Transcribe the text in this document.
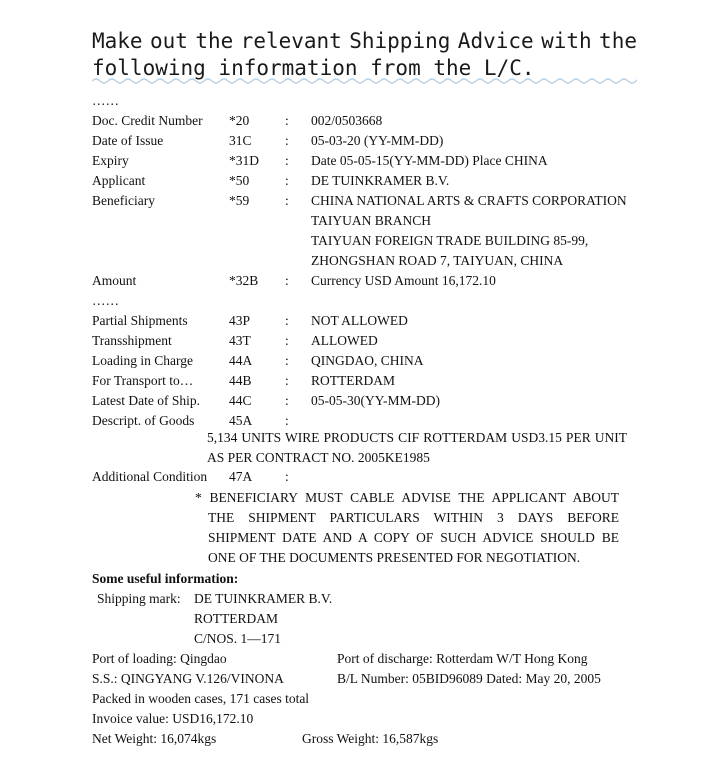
Make out the relevant Shipping Advice with the
following information from the L/C.
……
Doc. Credit Number *20	: 002/0503668
Date of Issue	31C : 05-03-20 (YY-MM-DD)
Expiry	*31D : Date 05-05-15(YY-MM-DD) Place CHINA
Applicant	*50	: DE TUINKRAMER B.V.
Beneficiary	*59	: CHINA NATIONAL ARTS & CRAFTS CORPORATION
TAIYUAN BRANCH
TAIYUAN FOREIGN TRADE BUILDING 85-99,
ZHONGSHAN ROAD 7, TAIYUAN, CHINA
Amount	*32B : Currency USD Amount 16,172.10
……
Partial Shipments	43P	: NOT ALLOWED
Transshipment	43T	: ALLOWED
Loading in Charge	44A : QINGDAO, CHINA
For Transport to…	44B : ROTTERDAM
Latest Date of Ship. 44C : 05-05-30(YY-MM-DD)
Descript. of Goods	45A :
5,134 UNITS WIRE PRODUCTS CIF ROTTERDAM USD3.15 PER UNIT
AS PER CONTRACT NO. 2005KE1985
Additional Condition 47A :
* BENEFICIARY MUST CABLE ADVISE THE APPLICANT ABOUT
THE SHIPMENT PARTICULARS WITHIN 3 DAYS BEFORE
SHIPMENT DATE AND A COPY OF SUCH ADVICE SHOULD BE
ONE OF THE DOCUMENTS PRESENTED FOR NEGOTIATION.
Some useful information:
Shipping mark: DE TUINKRAMER B.V.
ROTTERDAM
C/NOS. 1—171
Port of loading: Qingdao	Port of discharge: Rotterdam W/T Hong Kong
S.S.: QINGYANG V.126/VINONA	B/L Number: 05BID96089 Dated: May 20, 2005
Packed in wooden cases, 171 cases total
Invoice value: USD16,172.10
Net Weight: 16,074kgs	Gross Weight: 16,587kgs
